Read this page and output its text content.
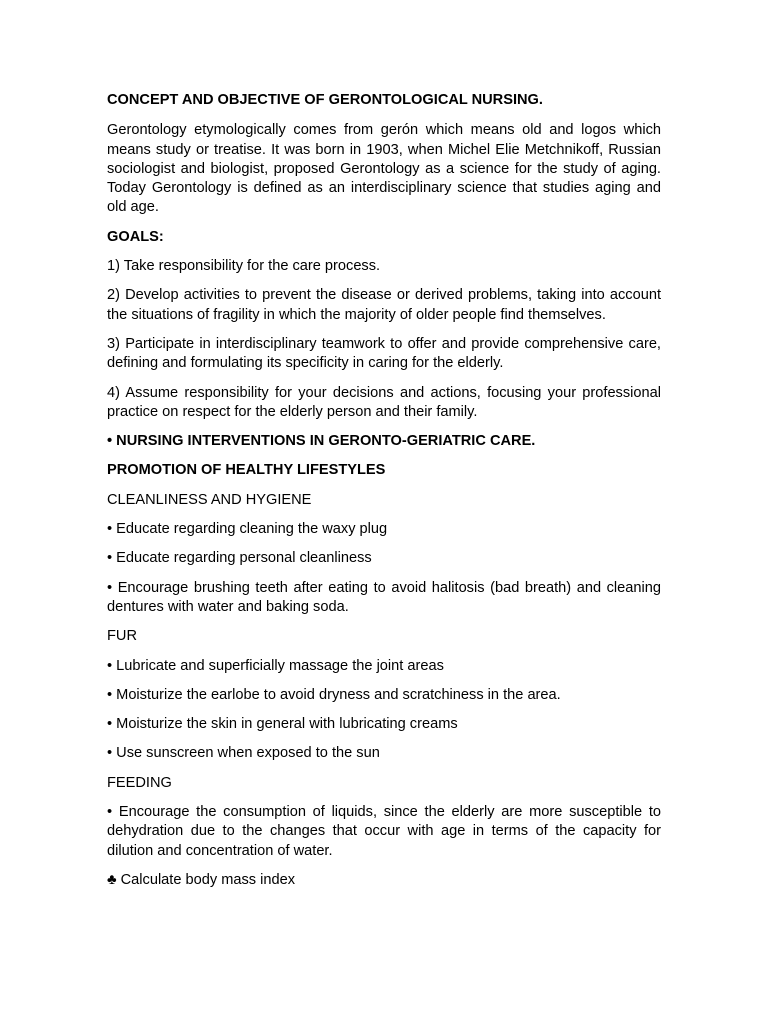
CONCEPT AND OBJECTIVE OF GERONTOLOGICAL NURSING.

Gerontology etymologically comes from gerón which means old and logos which means study or treatise. It was born in 1903, when Michel Elie Metchnikoff, Russian sociologist and biologist, proposed Gerontology as a science for the study of aging. Today Gerontology is defined as an interdisciplinary science that studies aging and old age.

GOALS:

1) Take responsibility for the care process.

2) Develop activities to prevent the disease or derived problems, taking into account the situations of fragility in which the majority of older people find themselves.

3) Participate in interdisciplinary teamwork to offer and provide comprehensive care, defining and formulating its specificity in caring for the elderly.

4) Assume responsibility for your decisions and actions, focusing your professional practice on respect for the elderly person and their family.

• NURSING INTERVENTIONS IN GERONTO-GERIATRIC CARE.

PROMOTION OF HEALTHY LIFESTYLES

CLEANLINESS AND HYGIENE

• Educate regarding cleaning the waxy plug

• Educate regarding personal cleanliness

• Encourage brushing teeth after eating to avoid halitosis (bad breath) and cleaning dentures with water and baking soda.

FUR

• Lubricate and superficially massage the joint areas

• Moisturize the earlobe to avoid dryness and scratchiness in the area.

• Moisturize the skin in general with lubricating creams

• Use sunscreen when exposed to the sun

FEEDING

• Encourage the consumption of liquids, since the elderly are more susceptible to dehydration due to the changes that occur with age in terms of the capacity for dilution and concentration of water.

♣ Calculate body mass index
